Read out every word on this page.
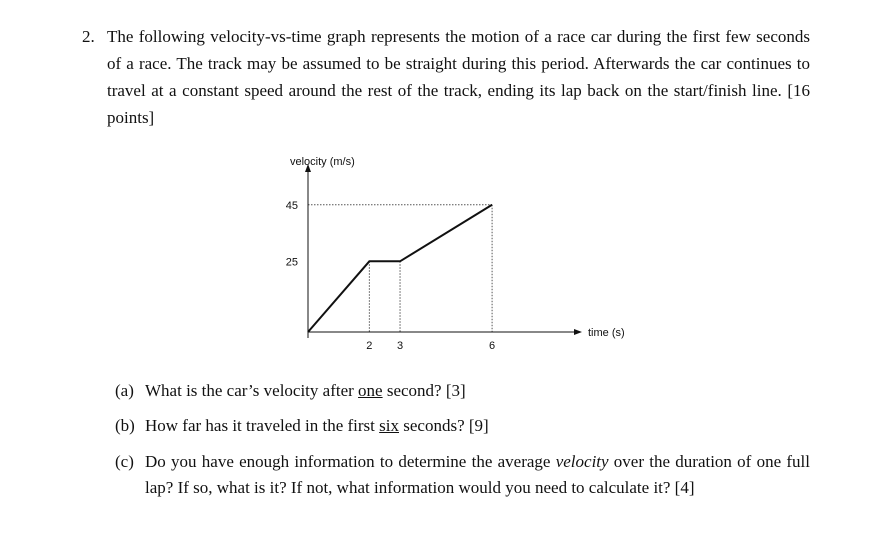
2. The following velocity-vs-time graph represents the motion of a race car during the first few seconds of a race. The track may be assumed to be straight during this period. Afterwards the car continues to travel at a constant speed around the rest of the track, ending its lap back on the start/finish line. [16 points]
velocity (m/s)
time (s)
2 3	6
45
25
(a) What is the car’s velocity after one second? [3]
(b) How far has it traveled in the first six seconds? [9]
(c) Do you have enough information to determine the average velocity over the duration of one full lap? If so, what is it? If not, what information would you need to calculate it? [4]
